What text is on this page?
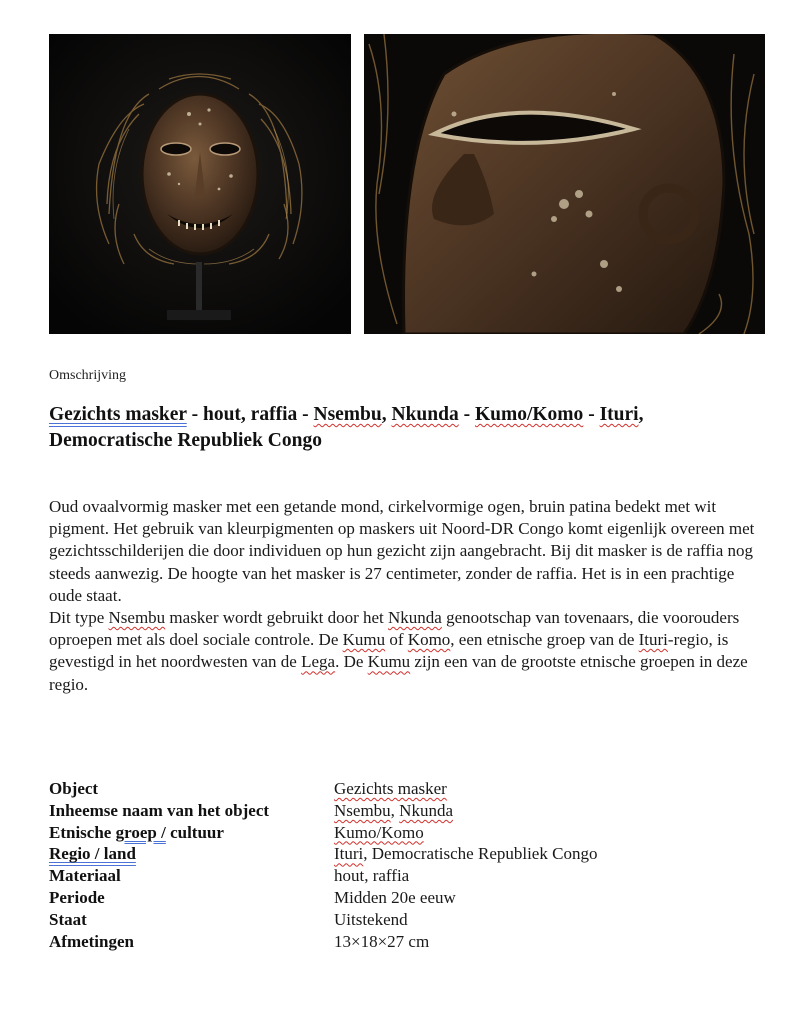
Omschrijving
Gezichts masker - hout, raffia - Nsembu, Nkunda - Kumo/Komo - Ituri,
Democratische Republiek Congo

Oud ovaalvormig masker met een getande mond, cirkelvormige ogen, bruin patina bedekt met wit pigment. Het gebruik van kleurpigmenten op maskers uit Noord-DR Congo komt eigenlijk overeen met gezichtsschilderijen die door individuen op hun gezicht zijn aangebracht. Bij dit masker is de raffia nog steeds aanwezig. De hoogte van het masker is 27 centimeter, zonder de raffia. Het is in een prachtige oude staat.

Dit type Nsembu masker wordt gebruikt door het Nkunda genootschap van tovenaars, die voorouders oproepen met als doel sociale controle. De Kumu of Komo, een etnische groep van de Ituri-regio, is gevestigd in het noordwesten van de Lega. De Kumu zijn een van de grootste etnische groepen in deze regio.

Object	Gezichts masker
Inheemse naam van het object	Nsembu, Nkunda
Etnische groep / cultuur	Kumo/Komo
Regio / land	Ituri, Democratische Republiek Congo
Materiaal	hout, raffia
Periode	Midden 20e eeuw
Staat	Uitstekend
Afmetingen	13×18×27 cm
